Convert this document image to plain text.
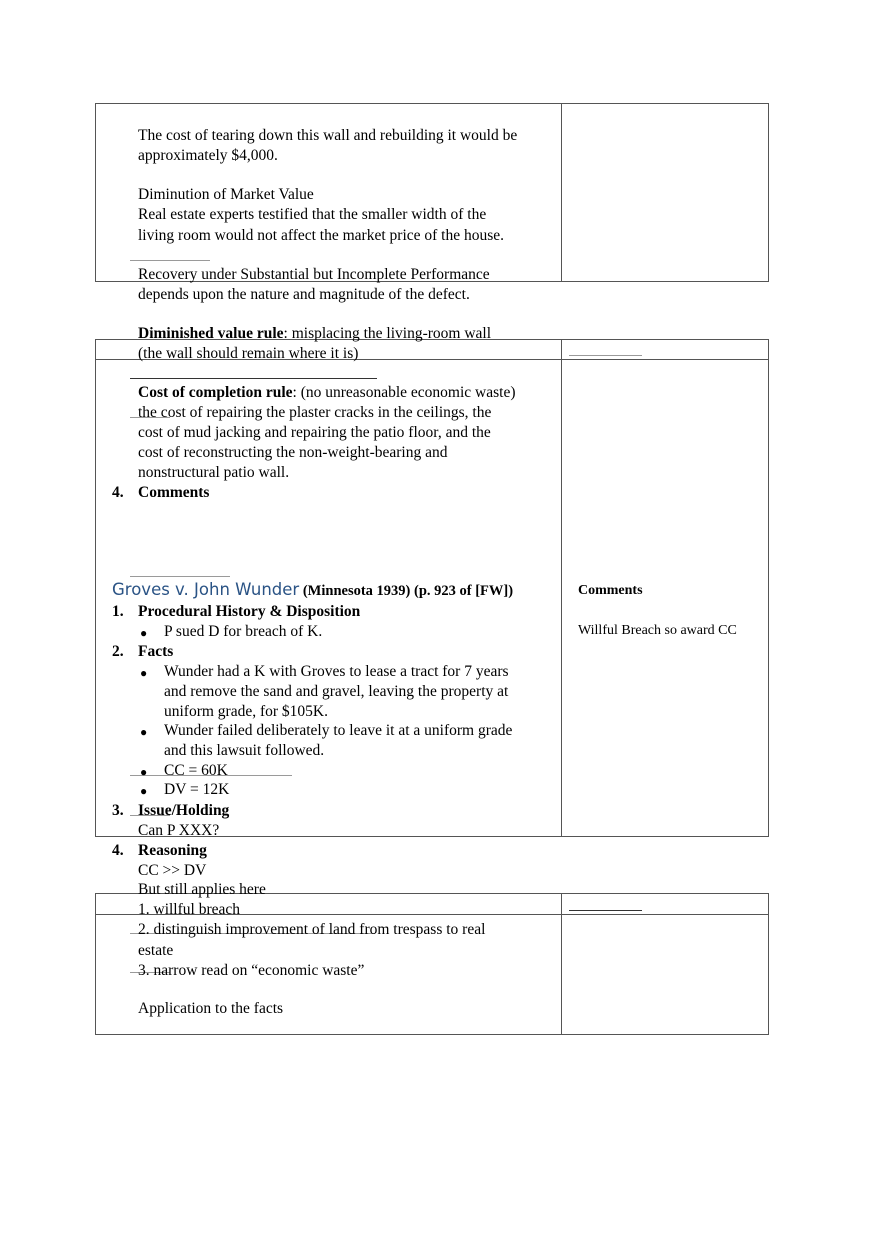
The cost of tearing down this wall and rebuilding it would be
approximately $4,000.
Diminution of Market Value
Real estate experts testified that the smaller width of the
living room would not affect the market price of the house.
Recovery under Substantial but Incomplete Performance
depends upon the nature and magnitude of the defect.
Diminished value rule: misplacing the living-room wall
(the wall should remain where it is)
Cost of completion rule: (no unreasonable economic waste)
the cost of repairing the plaster cracks in the ceilings, the
cost of mud jacking and repairing the patio floor, and the
cost of reconstructing the non-weight-bearing and
nonstructural patio wall.
4. Comments
Groves v. John Wunder (Minnesota 1939) (p. 923 of [FW])
1. Procedural History & Disposition
● P sued D for breach of K.
2. Facts
● Wunder had a K with Groves to lease a tract for 7 years
and remove the sand and gravel, leaving the property at
uniform grade, for $105K.
● Wunder failed deliberately to leave it at a uniform grade
and this lawsuit followed.
● CC = 60K
● DV = 12K
3. Issue/Holding
Can P XXX?
4. Reasoning
CC >> DV
But still applies here
1. willful breach
2. distinguish improvement of land from trespass to real
estate
3. narrow read on “economic waste”
Application to the facts
Comments
Willful Breach so award CC
